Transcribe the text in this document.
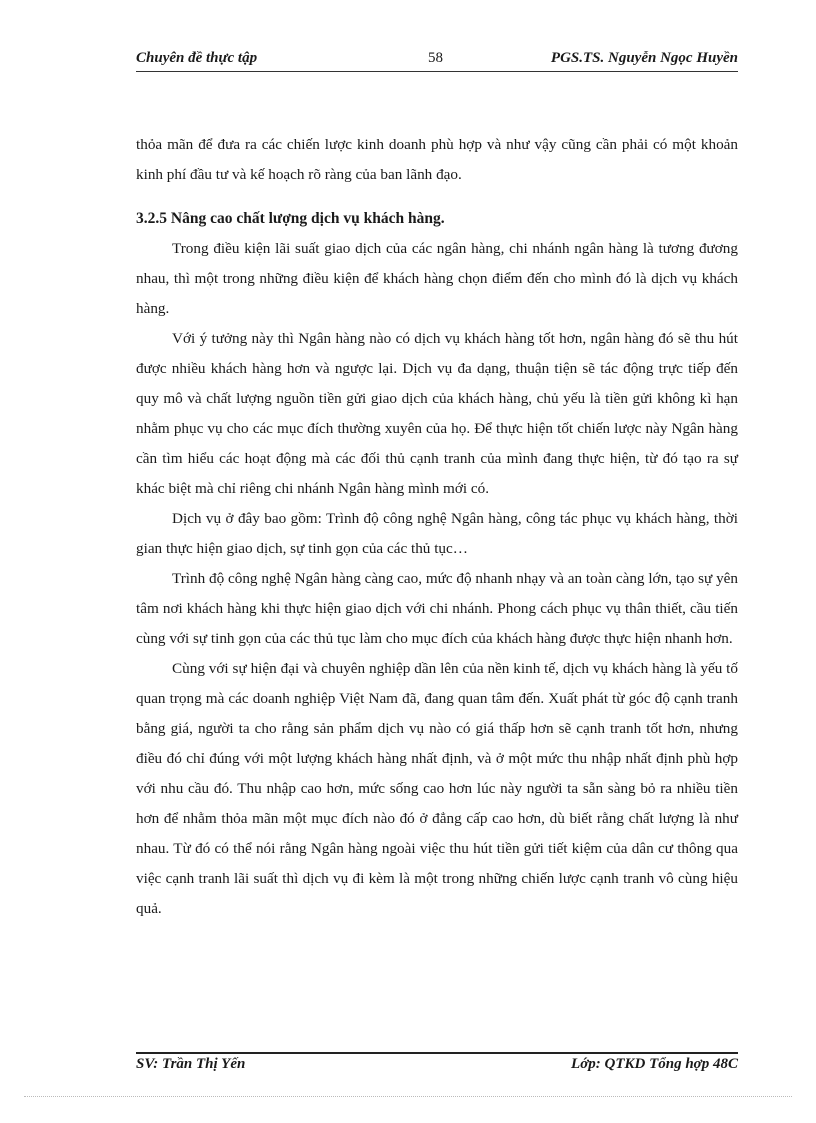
Chuyên đề thực tập	58	PGS.TS. Nguyễn Ngọc Huyền

thỏa mãn để đưa ra các chiến lược kinh doanh phù hợp và như vậy cũng cần phải có một khoản kinh phí đầu tư và kế hoạch rõ ràng của ban lãnh đạo.

3.2.5 Nâng cao chất lượng dịch vụ khách hàng.

Trong điều kiện lãi suất giao dịch của các ngân hàng, chi nhánh ngân hàng là tương đương nhau, thì một trong những điều kiện để khách hàng chọn điểm đến cho mình đó là dịch vụ khách hàng.

Với ý tưởng này thì Ngân hàng nào có dịch vụ khách hàng tốt hơn, ngân hàng đó sẽ thu hút được nhiều khách hàng hơn và ngược lại. Dịch vụ đa dạng, thuận tiện sẽ tác động trực tiếp đến quy mô và chất lượng nguồn tiền gửi giao dịch của khách hàng, chủ yếu là tiền gửi không kì hạn nhằm phục vụ cho các mục đích thường xuyên của họ. Để thực hiện tốt chiến lược này Ngân hàng cần tìm hiểu các hoạt động mà các đối thủ cạnh tranh của mình đang thực hiện, từ đó tạo ra sự khác biệt mà chỉ riêng chi nhánh Ngân hàng mình mới có.

Dịch vụ ở đây bao gồm: Trình độ công nghệ Ngân hàng, công tác phục vụ khách hàng, thời gian thực hiện giao dịch, sự tinh gọn của các thủ tục…

Trình độ công nghệ Ngân hàng càng cao, mức độ nhanh nhạy và an toàn càng lớn, tạo sự yên tâm nơi khách hàng khi thực hiện giao dịch với chi nhánh. Phong cách phục vụ thân thiết, cầu tiến cùng với sự tinh gọn của các thủ tục làm cho mục đích của khách hàng được thực hiện nhanh hơn.

Cùng với sự hiện đại và chuyên nghiệp dần lên của nền kinh tế, dịch vụ khách hàng là yếu tố quan trọng mà các doanh nghiệp Việt Nam đã, đang quan tâm đến. Xuất phát từ góc độ cạnh tranh bằng giá, người ta cho rằng sản phẩm dịch vụ nào có giá thấp hơn sẽ cạnh tranh tốt hơn, nhưng điều đó chỉ đúng với một lượng khách hàng nhất định, và ở một mức thu nhập nhất định phù hợp với nhu cầu đó. Thu nhập cao hơn, mức sống cao hơn lúc này người ta sẵn sàng bỏ ra nhiều tiền hơn để nhằm thỏa mãn một mục đích nào đó ở đẳng cấp cao hơn, dù biết rằng chất lượng là như nhau. Từ đó có thể nói rằng Ngân hàng ngoài việc thu hút tiền gửi tiết kiệm của dân cư thông qua việc cạnh tranh lãi suất thì dịch vụ đi kèm là một trong những chiến lược cạnh tranh vô cùng hiệu quả.

SV: Trần Thị Yến	Lớp: QTKD Tổng hợp 48C
